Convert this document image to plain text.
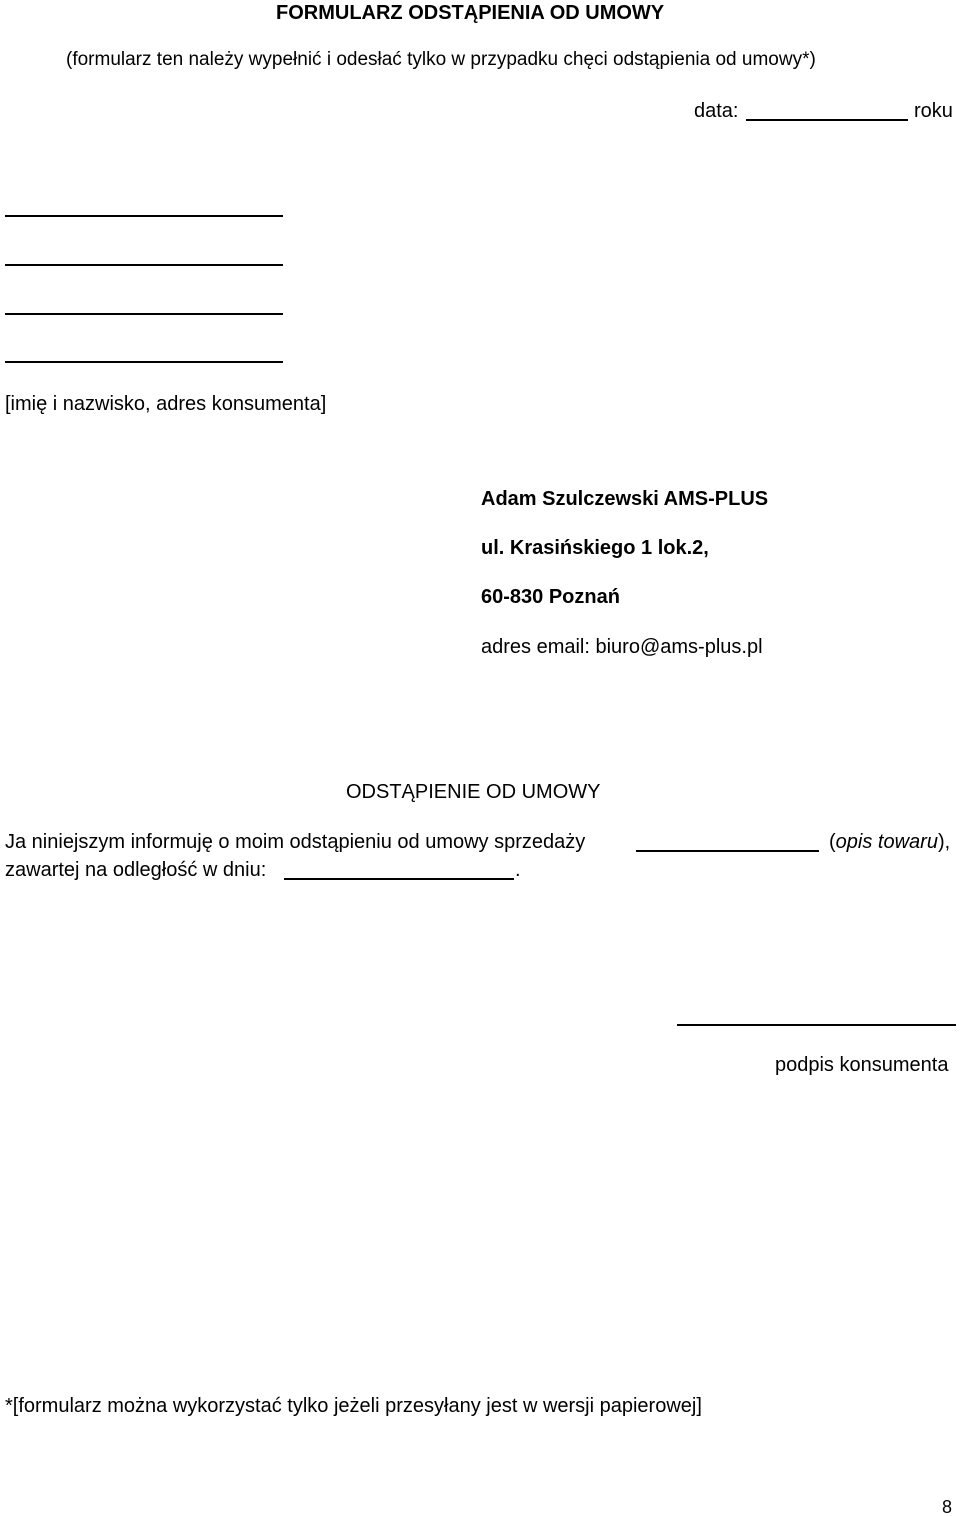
FORMULARZ ODSTĄPIENIA OD UMOWY
(formularz ten należy wypełnić i odesłać tylko w przypadku chęci odstąpienia od umowy*)
data:	roku
[imię i nazwisko, adres konsumenta]
Adam Szulczewski AMS-PLUS
ul. Krasińskiego 1 lok.2,
60-830 Poznań
adres email: biuro@ams-plus.pl
ODSTĄPIENIE OD UMOWY
Ja niniejszym informuję o moim odstąpieniu od umowy sprzedaży	(opis towaru),
zawartej na odległość w dniu:	.
podpis konsumenta
*[formularz można wykorzystać tylko jeżeli przesyłany jest w wersji papierowej]
8
